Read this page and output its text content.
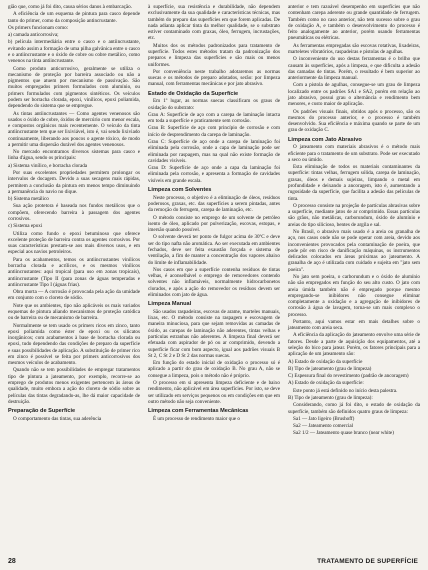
gião que, como já foi dito, causa sérios danos à embarcação.

A eficiência de um esquema de pintura para casco depende tanto do primer, como da composição antincrustante.

Os primers funcionam como:

a) camada anticorrosiva;

b) película intermediária entre o casco e o antiincrustante, evitando assim a formação de uma pilha galvânica entre o casco e o antiincrustante e o óxido de cobre ou cobre metálico, como venenos na tinta antiincrustante.

Como produto anticorrosivo, geralmente se utiliza o mecanismo de proteção por barreira associado ou não a pigmentos que atuem por mecanismo de passivação. São muitos empregados primers formulados com alumínio, ou primers formulados com pigmentos sintéticos. Os veículos podem ser borracha clorada, epoxi, vinílicos, epoxi poliamida, dependendo do sistema que se empregue.

As tintas antiincrustantes — Como agentes venenosos são usados o óxido de cobre, óxidos de mercúrio com menor escala, e compostos orgânicos mais recentemente. O veículo da tinta antiincrustante tem que ser lixiviável, isto é, vai sendo lixiviado continuamente, liberando aos poucos o agente tóxico, de modo a permitir uma dispersão durável dos agentes venenosos.

No mercado encontramos diversos sistemas para casco e linha d'água, sendo os principais:

a) Sistema vinílico, e borracha clorada

Por suas excelentes propriedades permitem prolongar os intervalos de docagem. Devido a suas secagens mais rápidas, permitem a conclusão da pintura em menos tempo diminuindo a permanência do navio no dique.

b) Sistema metálico

Sua ação protetora é baseada nos fundos metálicos que o compõem, oferecendo barreira à passagem dos agentes corrosivos.

c) Sistema epoxi

Utiliza como fundo o epoxi betuminoso que oferece excelente proteção de barreira contra os agentes corrosivos. Por suas características prestam-se aos mais diversos usos, e em especial aos navios petroleiros.

Para os acabamentos, temos os antiincrustantes vinílicos borracha clorada e acrílicos, e os mesmos vinílicos antiincrustantes: aqui tropical (para uso em zonas tropicais), antiincrustante (Tipo II (para zonas de águas temperadas e antiincrustante Tipo I (águas frias).

Obra morta — A corrosão é provocada pela ação da umidade em conjunto com o cloreto de sódio.

Note que os ambientes, tipo não aplicáveis os mais variados esquemas de pintura aliando mecanismos de proteção catódica ou de barreira ou de mecanismo de barreira.

Normalmente se tem usado os primers ricos em zinco, tanto epoxi poliamida como éster de epoxi ou os silicatos inorgânicos; com acabamentos à base de borracha clorada ou epoxi, tudo dependendo das condições de preparo da superfície e suas possibilidades de aplicação. A substituição de primer rico em zinco é possível se feita por primers anticorrosivos dos mesmos veículos de acabamento.

Quando não se tem possibilidades de empregar tratamentos tipo de pintura a jateamento, por exemplo, recorre-se ao emprego de produtos menos exigentes pertencem às áreas de qualidade, muito embora a ação do cloreto de sódio sobre as películas das tintas degradando-as, lhe dá maior capacidade de destruição.

Preparação de Superfície

O comportamento das tintas, sua aderência

à superfície, sua resistência e durabilidade, não dependem exclusivamente da sua qualidade e características técnicas, mas também do preparo das superfícies em que forem aplicadas. De nada adianta aplicar tinta da melhor qualidade, se o substrato estiver contaminado com graxas, óleo, ferrugem, incrustações, etc.

Muitos dos os métodos padronizados para tratamento de superfície. Todos estes métodos tratam da padronização dos preparos e limpeza das superfícies e são mais ou menos uniformes.

Por conveniência neste trabalho adotaremos as normas suecas e os métodos de preparo adotados, serão: por limpeza manual, com ferramentas mecânicas e por jato abrasivo.

Estado de Oxidação da Superfície

Em 1º lugar, as normas suecas classificam os graus de oxidação do substrato:

Grau A: Superfície de aço com a carepa de laminação intacta em toda a superfície e praticamente sem corrosão.

Grau B: Superfície de aço com princípio de corrosão e com início de desprendimento da carepa de laminação.

Grau C: Superfície de aço onde a carepa de laminação foi eliminada pela corrosão, onde a capa de laminação pode ser eliminada por raspagem, mas na qual não existe formação de cavidades visíveis.

Grau D: Superfície de aço onde a capa da laminação foi eliminada pela corrosão, e apresenta a formação de cavidades visíveis em grande escala.

Limpeza com Solventes

Neste processo, o objetivo é a eliminação de óleos, resíduos poderosos, graxas, etc. das superfícies a serem pintadas, antes da remoção do ferrugem, carepa de laminação, etc.

O método consiste no emprego de um solvente de petróleo isento de óleo, aplicado por pulverização, escovas, estopas, e imersão quando possível.

O solvente deverá ter ponto de fulgor acima de 30ºC e deve ser do tipo nafta não aromática. Ao ser executada em ambientes fechados, deve ser feita exaustão forçada e sistema de ventilação, a fim de manter a concentração dos vapores abaixo do limite de inflamabilidade.

Nos casos em que a superfície contenha resíduos de tintas velhas, é aconselhável o emprego de removedores contendo solventes não inflamáveis, normalmente hidrocarbonetos clorados, e após a ação do removedor os resíduos devem ser eliminados com jato de água.

Limpeza Manual

São usados raspadeiras, escovas de arame, marteles manuais, lixas, etc. O método consiste na raspagem e escovagem de maneira minuciosa, para que sejam removidas as camadas de óxido, as carepas de laminação não aderentes, tintas velhas e partículas estranhas não aderentes. A limpeza final deverá ser efetuada com aspirador de pó ou ar comprimido, devendo a superfície ficar com bom aspecto, igual aos padrões visuais B St 2, C St 2 e D St 2 das normas suecas.

Em função do estado inicial de oxidação o processo só é aplicado a partir do grau de oxidação B. No grau A, não se consegue a limpeza, pois o método não é próprio.

O processo em si apresenta limpeza deficiente e de baixo rendimento, não aplicável em área superfícies. Por isto, se deve ser utilizado em serviços pequenos ou em condições em que em outro método não seja conveniente.

Limpeza com Ferramentas Mecânicas

É um processo de rendimento maior que o

anterior e tem razoável desempenho em superfícies que não contenham carepa aderente ou grande quantidade de ferrugem. Também como no caso anterior, não tem sucesso sobre o grau de oxidação A, e também o desenvolvimento do processo é feito analogamente ao anterior, porém usando ferramentas pneumáticas ou elétricas.

As ferramentas empregadas são escovas rotativas, lixadeiras, marteletes vibratórios, raspadeiras e pistolas de agulhas.

O inconveniente do uso destas ferramentas é o brilho que causam às superfícies, após a limpeza, e que dificulta a adesão das camadas de tintas. Porém, o resultado é bem superior ao anteriormente da limpeza manual.

Com a pistola de agulhas, consegue-se um grau de limpeza localizado entre os padrões SA1 e SA2, porém em relação ao jato abrasivo, possui grau o alternância e rendimento bem menores, e custo maior de aplicação.

Os padrões visuais finais, obtidos após o processo, são os mesmos do processo anterior, e o processo é também desenvolvido. Sua eficiência e máxima quando se parte de um grau de oxidação C.

Limpeza com Jato Abrasivo

O jateamento com materiais abrasivos é o método mais eficiente para o tratamento de um substrato. Pode ser executado a seco ou úmido.

Esta eliminação de todos os materiais contaminantes da superfície: tintas velhas, ferrugem sólida, carepa de laminação, graxas, óleos e demais sujeiras, limpando o metal em profundidade e deixando a ancoragem, isto é, aumentando a rugosidade da superfície, que facilita a adesão das películas de tinta.

O processo consiste na projeção de partículas abrasivas sobre a superfície, mediante jatos de ar comprimido. Essas partículas são grãos, não metálicas, carborundum, óxido de alumínio e areias do tipo silicioso, bentes de argila e sal.

No Brasil, o abrasivo mais usado é a areia ou granalha de aço, nos casos onde não se pode operar com areia, devido aos inconvenientes provocados pela contaminação de poeira, que pode pôr em risco de danificação máquinas, os instrumentos delicados colocados em áreas próximas ao jateamento. A granalha de aço é utilizada com cuidado e sujeita em "jato sem poeira".

No jato sem poeira, o carborundum e o óxido de alumínio não são empregados em função do seu alto custo. O jato com areia úmida também não é empregado porque mesmo empregando-se inibidores não consegue eliminar completamente a oxidação e a agregação de inibidores de corrosão à água de lavagem, torna-se um mais complexo o processo.

Portanto, aqui vamos estar em mais detalhes sobre o jateamento com areia seca.

A eficiência da aplicação do jateamento envolve uma série de fatores. Desde a parte de aquisição dos equipamentos, até a seleção do bico para jatear. Porém, os fatores principais para a aplicação de um jateamento são:

A) Estado de oxidação da superfície

B) Tipo de jateamento (grau de limpeza)

C) Espessura final do revestimento (padrão de ancoragem)

A) Estado de oxidação da superfície:

Este ponto já está definido no início desta palestra.

B) Tipo de jateamento (grau de limpeza):

Considerando, como já foi dito, o estado de oxidação da superfície, também são definidos quatro graus de limpeza:

Sa1 — Jato ligeiro (Brushoff)

Sa2 — Jateamento comercial

Sa2 1/2 — Jateamento quase branco (near white)

28	TRATAMENTO DE SUPERFÍCIE
